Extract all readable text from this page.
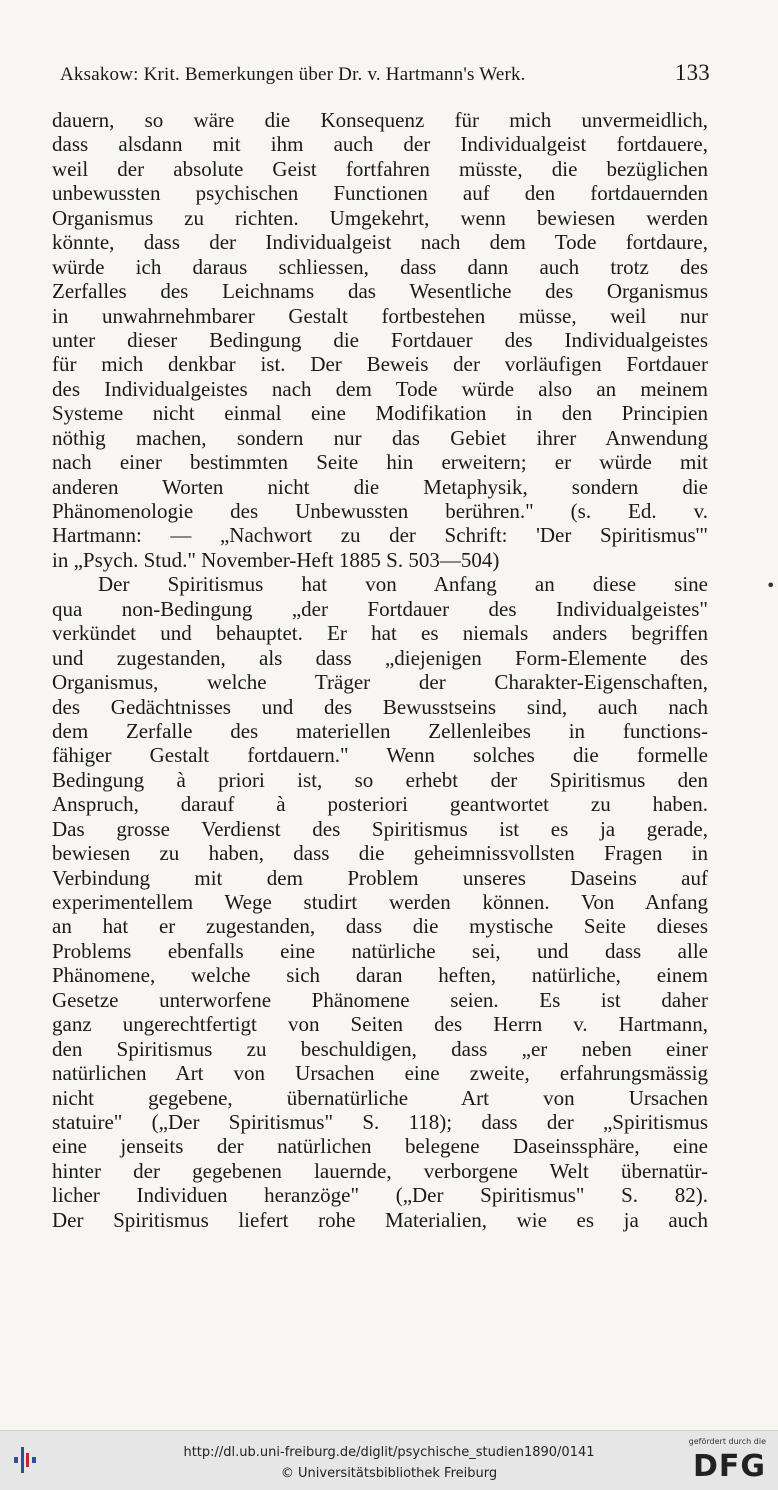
Aksakow: Krit. Bemerkungen über Dr. v. Hartmann's Werk.	133
dauern, so wäre die Konsequenz für mich unvermeidlich,
dass alsdann mit ihm auch der Individualgeist fortdauere,
weil der absolute Geist fortfahren müsste, die bezüglichen
unbewussten psychischen Functionen auf den fortdauernden
Organismus zu richten. Umgekehrt, wenn bewiesen werden
könnte, dass der Individualgeist nach dem Tode fortdaure,
würde ich daraus schliessen, dass dann auch trotz des
Zerfalles des Leichnams das Wesentliche des Organismus
in unwahrnehmbarer Gestalt fortbestehen müsse, weil nur
unter dieser Bedingung die Fortdauer des Individualgeistes
für mich denkbar ist. Der Beweis der vorläufigen Fortdauer
des Individualgeistes nach dem Tode würde also an meinem
Systeme nicht einmal eine Modifikation in den Principien
nöthig machen, sondern nur das Gebiet ihrer Anwendung
nach einer bestimmten Seite hin erweitern; er würde mit
anderen Worten nicht die Metaphysik, sondern die
Phänomenologie des Unbewussten berühren." (s. Ed. v.
Hartmann: — „Nachwort zu der Schrift: 'Der Spiritismus'"
in „Psych. Stud." November-Heft 1885 S. 503—504)
Der Spiritismus hat von Anfang an diese sine
qua non-Bedingung „der Fortdauer des Individualgeistes"
verkündet und behauptet. Er hat es niemals anders begriffen
und zugestanden, als dass „diejenigen Form-Elemente des
Organismus, welche Träger der Charakter-Eigenschaften,
des Gedächtnisses und des Bewusstseins sind, auch nach
dem Zerfalle des materiellen Zellenleibes in functions-
fähiger Gestalt fortdauern." Wenn solches die formelle
Bedingung à priori ist, so erhebt der Spiritismus den
Anspruch, darauf à posteriori geantwortet zu haben.
Das grosse Verdienst des Spiritismus ist es ja gerade,
bewiesen zu haben, dass die geheimnissvollsten Fragen in
Verbindung mit dem Problem unseres Daseins auf
experimentellem Wege studirt werden können. Von Anfang
an hat er zugestanden, dass die mystische Seite dieses
Problems ebenfalls eine natürliche sei, und dass alle
Phänomene, welche sich daran heften, natürliche, einem
Gesetze unterworfene Phänomene seien. Es ist daher
ganz ungerechtfertigt von Seiten des Herrn v. Hartmann,
den Spiritismus zu beschuldigen, dass „er neben einer
natürlichen Art von Ursachen eine zweite, erfahrungsmässig
nicht gegebene, übernatürliche Art von Ursachen
statuire" („Der Spiritismus" S. 118); dass der „Spiritismus
eine jenseits der natürlichen belegene Daseinssphäre, eine
hinter der gegebenen lauernde, verborgene Welt übernatür-
licher Individuen heranzöge" („Der Spiritismus" S. 82).
Der Spiritismus liefert rohe Materialien, wie es ja auch
•
http://dl.ub.uni-freiburg.de/diglit/psychische_studien1890/0141
© Universitätsbibliothek Freiburg
gefördert durch die
DFG
